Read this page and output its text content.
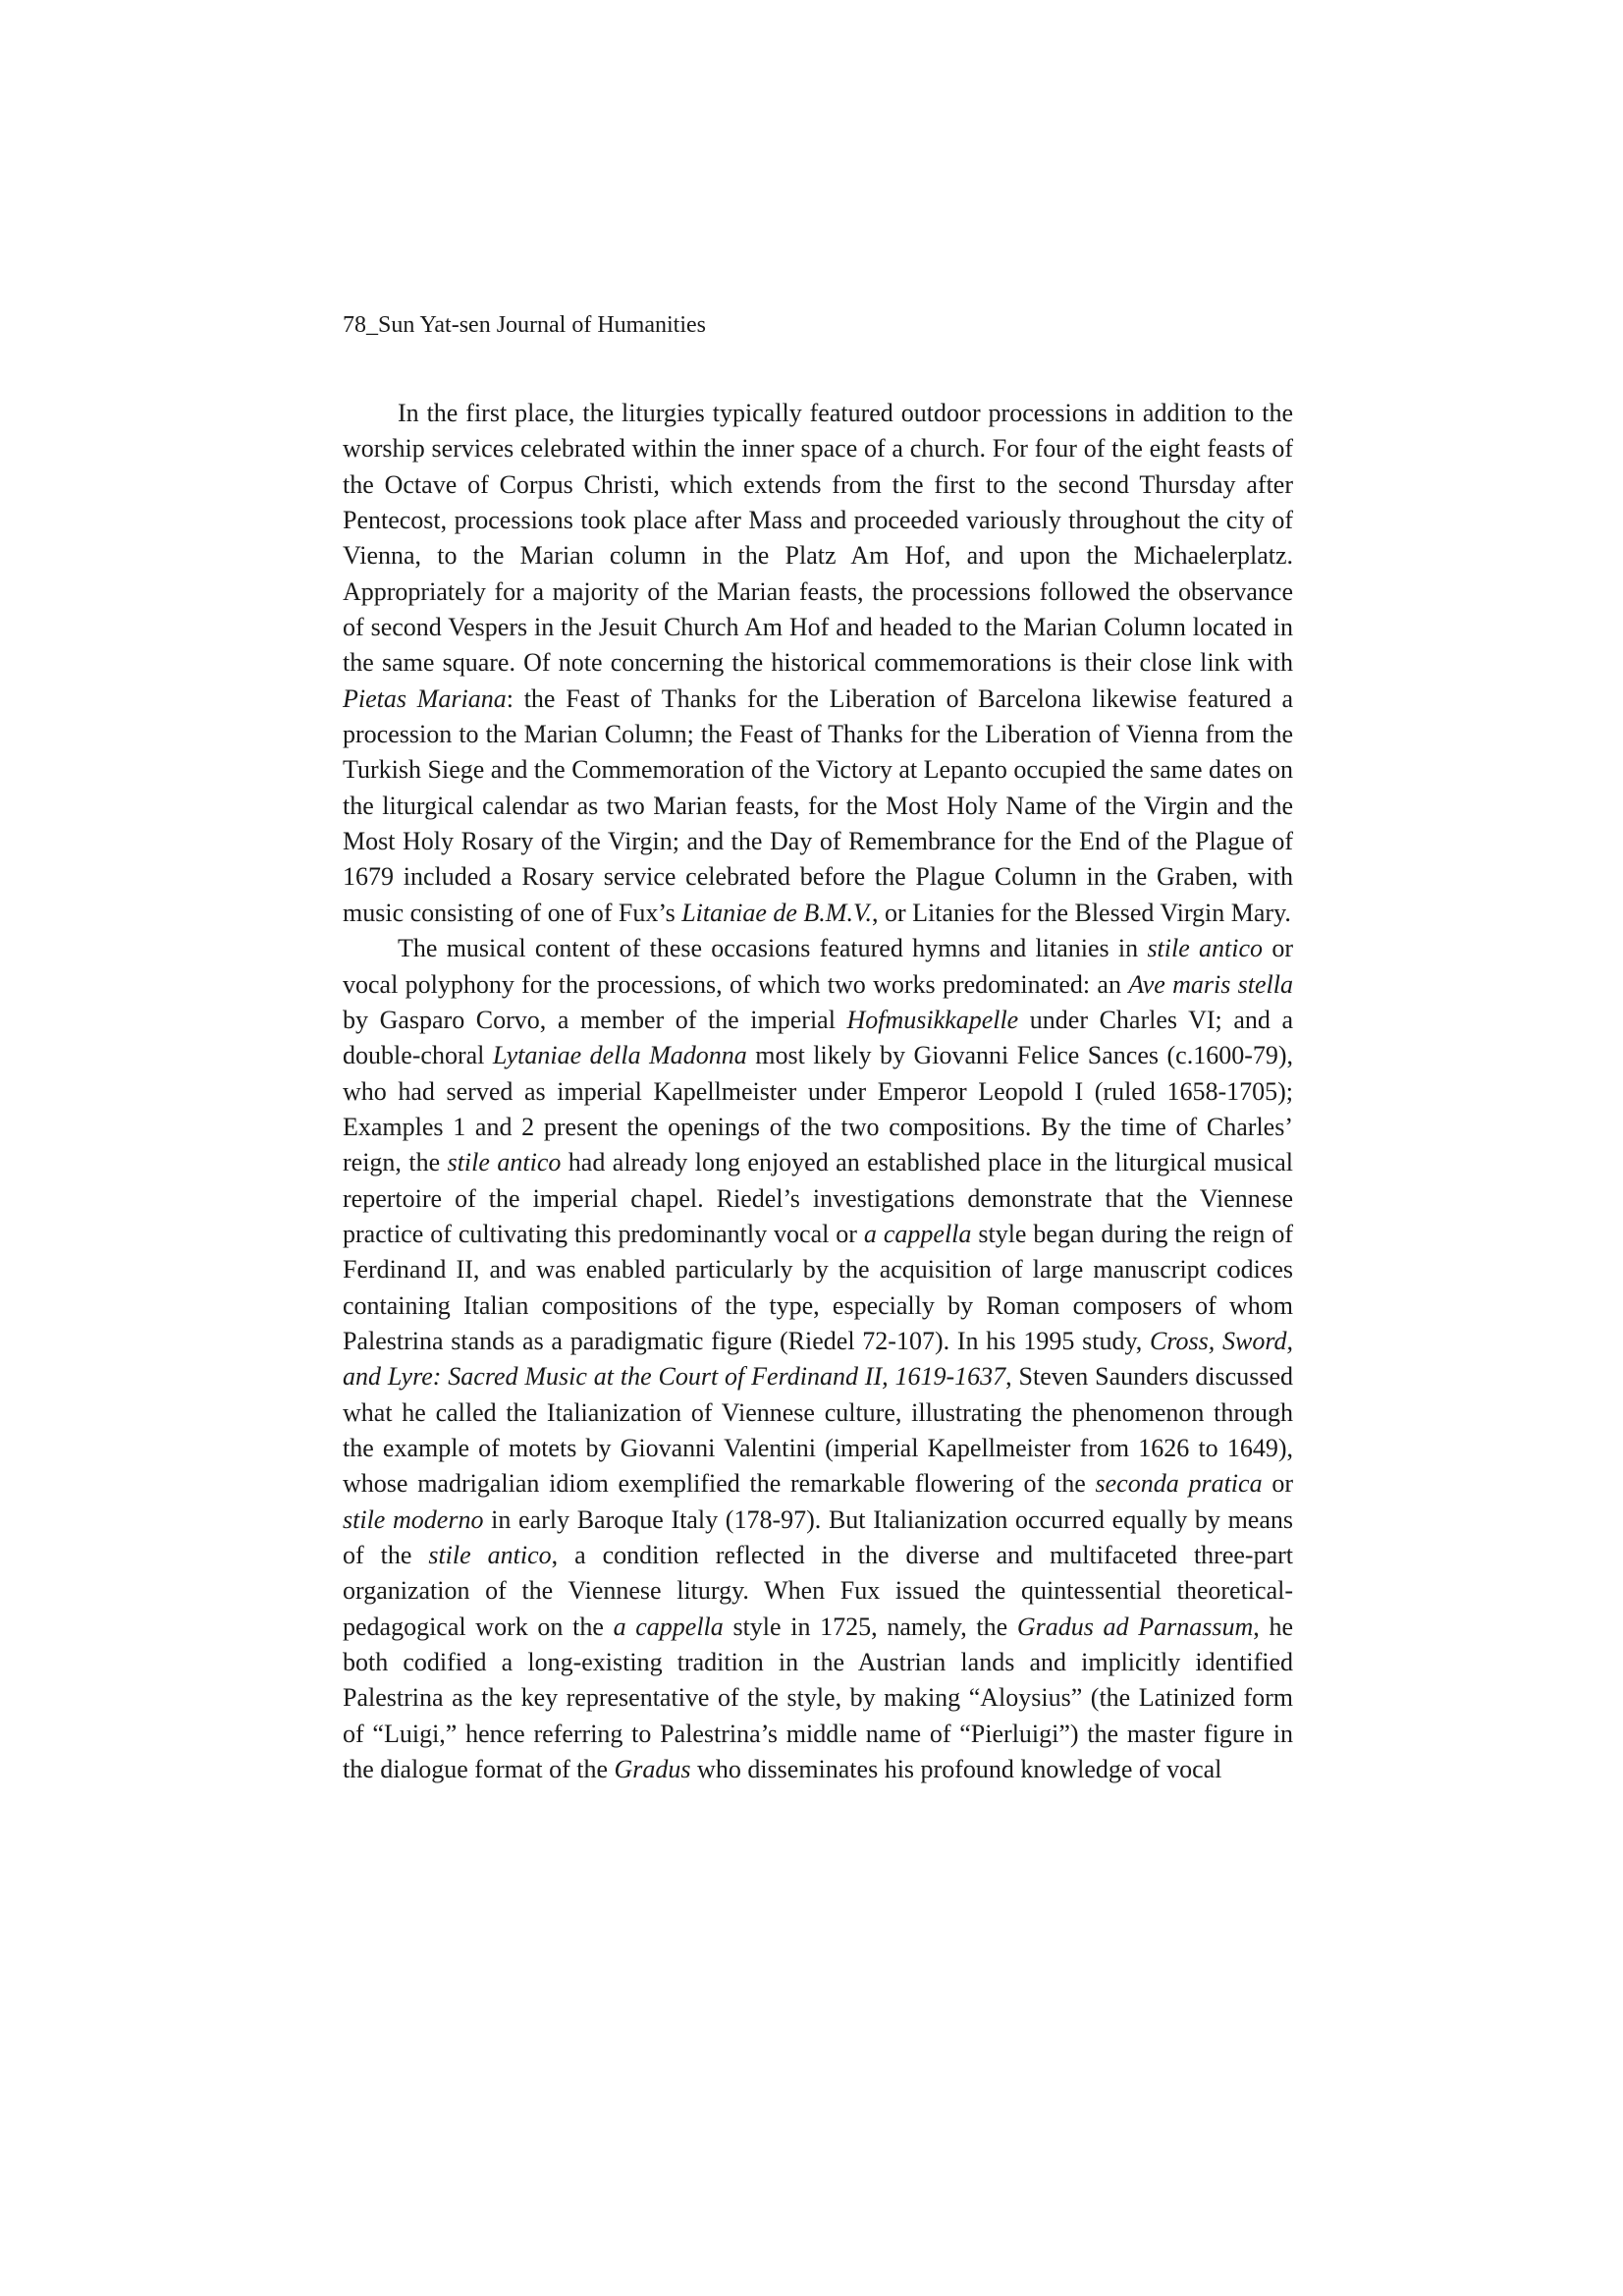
78_Sun Yat-sen Journal of Humanities

In the first place, the liturgies typically featured outdoor processions in addition to the worship services celebrated within the inner space of a church. For four of the eight feasts of the Octave of Corpus Christi, which extends from the first to the second Thursday after Pentecost, processions took place after Mass and proceeded variously throughout the city of Vienna, to the Marian column in the Platz Am Hof, and upon the Michaelerplatz. Appropriately for a majority of the Marian feasts, the processions followed the observance of second Vespers in the Jesuit Church Am Hof and headed to the Marian Column located in the same square. Of note concerning the historical commemorations is their close link with Pietas Mariana: the Feast of Thanks for the Liberation of Barcelona likewise featured a procession to the Marian Column; the Feast of Thanks for the Liberation of Vienna from the Turkish Siege and the Commemoration of the Victory at Lepanto occupied the same dates on the liturgical calendar as two Marian feasts, for the Most Holy Name of the Virgin and the Most Holy Rosary of the Virgin; and the Day of Remembrance for the End of the Plague of 1679 included a Rosary service celebrated before the Plague Column in the Graben, with music consisting of one of Fux’s Litaniae de B.M.V., or Litanies for the Blessed Virgin Mary.

The musical content of these occasions featured hymns and litanies in stile antico or vocal polyphony for the processions, of which two works predominated: an Ave maris stella by Gasparo Corvo, a member of the imperial Hofmusikkapelle under Charles VI; and a double-choral Lytaniae della Madonna most likely by Giovanni Felice Sances (c.1600-79), who had served as imperial Kapellmeister under Emperor Leopold I (ruled 1658-1705); Examples 1 and 2 present the openings of the two compositions. By the time of Charles’ reign, the stile antico had already long enjoyed an established place in the liturgical musical repertoire of the imperial chapel. Riedel’s investigations demonstrate that the Viennese practice of cultivating this predominantly vocal or a cappella style began during the reign of Ferdinand II, and was enabled particularly by the acquisition of large manuscript codices containing Italian compositions of the type, especially by Roman composers of whom Palestrina stands as a paradigmatic figure (Riedel 72-107). In his 1995 study, Cross, Sword, and Lyre: Sacred Music at the Court of Ferdinand II, 1619-1637, Steven Saunders discussed what he called the Italianization of Viennese culture, illustrating the phenomenon through the example of motets by Giovanni Valentini (imperial Kapellmeister from 1626 to 1649), whose madrigalian idiom exemplified the remarkable flowering of the seconda pratica or stile moderno in early Baroque Italy (178-97). But Italianization occurred equally by means of the stile antico, a condition reflected in the diverse and multifaceted three-part organization of the Viennese liturgy. When Fux issued the quintessential theoretical-pedagogical work on the a cappella style in 1725, namely, the Gradus ad Parnassum, he both codified a long-existing tradition in the Austrian lands and implicitly identified Palestrina as the key representative of the style, by making “Aloysius” (the Latinized form of “Luigi,” hence referring to Palestrina’s middle name of “Pierluigi”) the master figure in the dialogue format of the Gradus who disseminates his profound knowledge of vocal
